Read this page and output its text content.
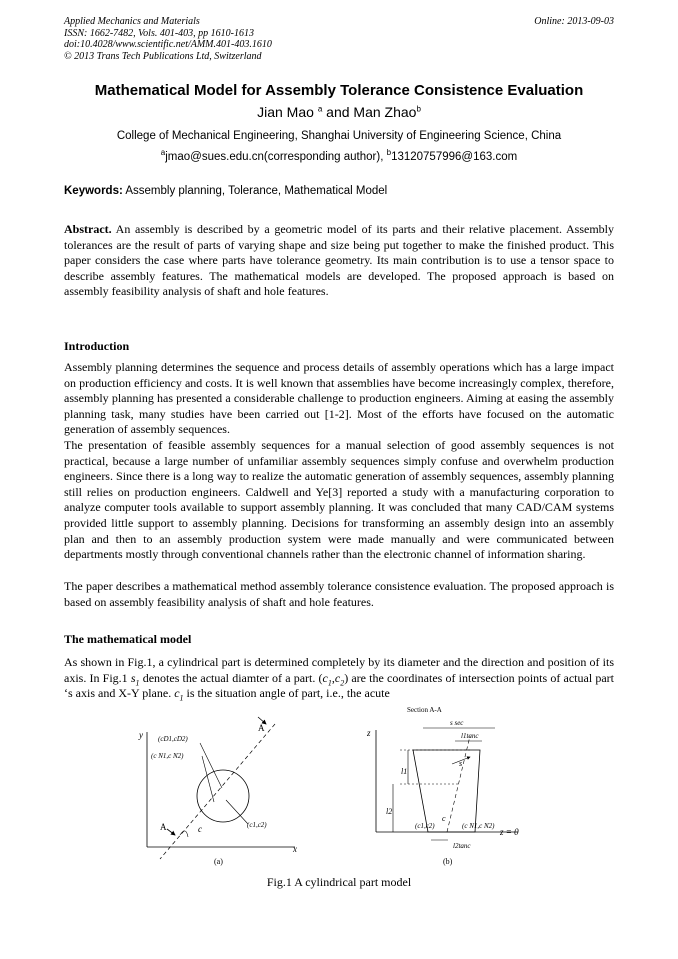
Applied Mechanics and Materials
ISSN: 1662-7482, Vols. 401-403, pp 1610-1613
doi:10.4028/www.scientific.net/AMM.401-403.1610
© 2013 Trans Tech Publications Ltd, Switzerland
Online: 2013-09-03
Mathematical Model for Assembly Tolerance Consistence Evaluation
Jian Mao $^a$ and Man Zhao$^b$
College of Mechanical Engineering, Shanghai University of Engineering Science, China
$^a$jmao@sues.edu.cn(corresponding author), $^b$13120757996@163.com
Keywords: Assembly planning, Tolerance, Mathematical Model

Abstract. An assembly is described by a geometric model of its parts and their relative placement. Assembly tolerances are the result of parts of varying shape and size being put together to make the finished product. This paper considers the case where parts have tolerance geometry. Its main contribution is to use a tensor space to describe assembly features. The mathematical models are developed. The proposed approach is based on assembly feasibility analysis of shaft and hole features.

Introduction

Assembly planning determines the sequence and process details of assembly operations which has a large impact on production efficiency and costs. It is well known that assemblies have become increasingly complex, therefore, assembly planning has presented a considerable challenge to production engineers. Aiming at easing the assembly planning task, many studies have been carried out [1-2]. Most of the efforts have focused on the automatic generation of assembly sequences.

The presentation of feasible assembly sequences for a manual selection of good assembly sequences is not practical, because a large number of unfamiliar assembly sequences simply confuse and overwhelm production engineers. Since there is a long way to realize the automatic generation of assembly sequences, assembly planning still relies on production engineers. Caldwell and Ye[3] reported a study with a manufacturing corporation to analyze computer tools available to support assembly planning. It was concluded that many CAD/CAM systems provided little support to assembly planning. Decisions for transforming an assembly design into an assembly plan and then to an assembly production system were made manually and were communicated between departments mostly through conventional channels rather than the electronic channel of information sharing.

The paper describes a mathematical method assembly tolerance consistence evaluation. The proposed approach is based on assembly feasibility analysis of shaft and hole features.

The mathematical model

As shown in Fig.1, a cylindrical part is determined completely by its diameter and the direction and position of its axis. In Fig.1 $s_1$ denotes the actual diamter of a part. $(c_1,c_2)$ are the coordinates of intersection points of actual part ‘s axis and X-Y plane. $c_1$ is the situation angle of part, i.e., the acute

y
x
A
A	c
(cD1,cD2)
(c N1,c N2)
(c1,c2)
(a)
Section A-A
z
z = 0
s sec
l1tanc
s
l1
l2
c
(c1,c2)	(c N1,c N2)
l2tanc
(b)
Fig.1 A cylindrical part model
